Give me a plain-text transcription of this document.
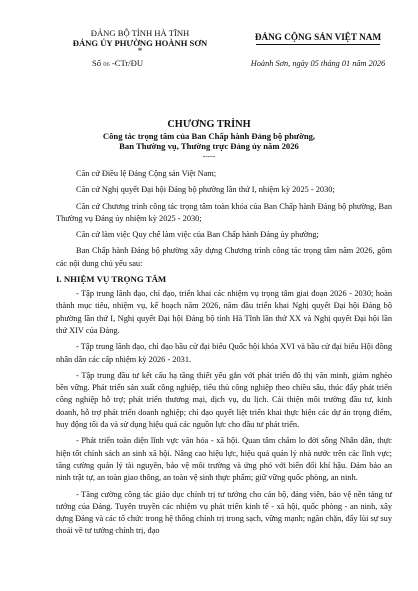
ĐẢNG BỘ TỈNH HÀ TĨNH
ĐẢNG ỦY PHƯỜNG HOÀNH SƠN
*
Số 06 -CTr/ĐU
ĐẢNG CỘNG SẢN VIỆT NAM
Hoành Sơn, ngày 05 tháng 01 năm 2026
CHƯƠNG TRÌNH
Công tác trọng tâm của Ban Chấp hành Đảng bộ phường,
Ban Thường vụ, Thường trực Đảng ủy năm 2026
-----

Căn cứ Điều lệ Đảng Cộng sản Việt Nam;

Căn cứ Nghị quyết Đại hội Đảng bộ phường lần thứ I, nhiệm kỳ 2025 - 2030;

Căn cứ Chương trình công tác trọng tâm toàn khóa của Ban Chấp hành Đảng bộ phường, Ban Thường vụ Đảng ủy nhiệm kỳ 2025 - 2030;

Căn cứ làm việc Quy chế làm việc của Ban Chấp hành Đảng ủy phường;

Ban Chấp hành Đảng bộ phường xây dựng Chương trình công tác trọng tâm năm 2026, gồm các nội dung chủ yếu sau:

I. NHIỆM VỤ TRỌNG TÂM

- Tập trung lãnh đạo, chỉ đạo, triển khai các nhiệm vụ trọng tâm giai đoạn 2026 - 2030; hoàn thành mục tiêu, nhiệm vụ, kế hoạch năm 2026, năm đầu triển khai Nghị quyết Đại hội Đảng bộ phường lần thứ I, Nghị quyết Đại hội Đảng bộ tỉnh Hà Tĩnh lần thứ XX và Nghị quyết Đại hội lần thứ XIV của Đảng.

- Tập trung lãnh đạo, chỉ đạo bầu cử đại biểu Quốc hội khóa XVI và bầu cử đại biểu Hội đồng nhân dân các cấp nhiệm kỳ 2026 - 2031.

- Tập trung đầu tư kết cấu hạ tầng thiết yếu gắn với phát triển đô thị văn minh, giảm nghèo bền vững. Phát triển sản xuất công nghiệp, tiểu thủ công nghiệp theo chiều sâu, thúc đẩy phát triển công nghiệp hỗ trợ; phát triển thương mại, dịch vụ, du lịch. Cải thiện môi trường đầu tư, kinh doanh, hỗ trợ phát triển doanh nghiệp; chỉ đạo quyết liệt triển khai thực hiện các dự án trọng điểm, huy động tối đa và sử dụng hiệu quả các nguồn lực cho đầu tư phát triển.

- Phát triển toàn diện lĩnh vực văn hóa - xã hội. Quan tâm chăm lo đời sống Nhân dân, thực hiện tốt chính sách an sinh xã hội. Nâng cao hiệu lực, hiệu quả quản lý nhà nước trên các lĩnh vực; tăng cường quản lý tài nguyên, bảo vệ môi trường và ứng phó với biến đổi khí hậu. Đảm bảo an ninh trật tự, an toàn giao thông, an toàn vệ sinh thực phẩm; giữ vững quốc phòng, an ninh.

- Tăng cường công tác giáo dục chính trị tư tưởng cho cán bộ, đảng viên, bảo vệ nền tảng tư tưởng của Đảng. Tuyên truyền các nhiệm vụ phát triển kinh tế - xã hội, quốc phòng - an ninh, xây dựng Đảng và các tổ chức trong hệ thống chính trị trong sạch, vững mạnh; ngăn chặn, đẩy lùi sự suy thoái về tư tưởng chính trị, đạo
